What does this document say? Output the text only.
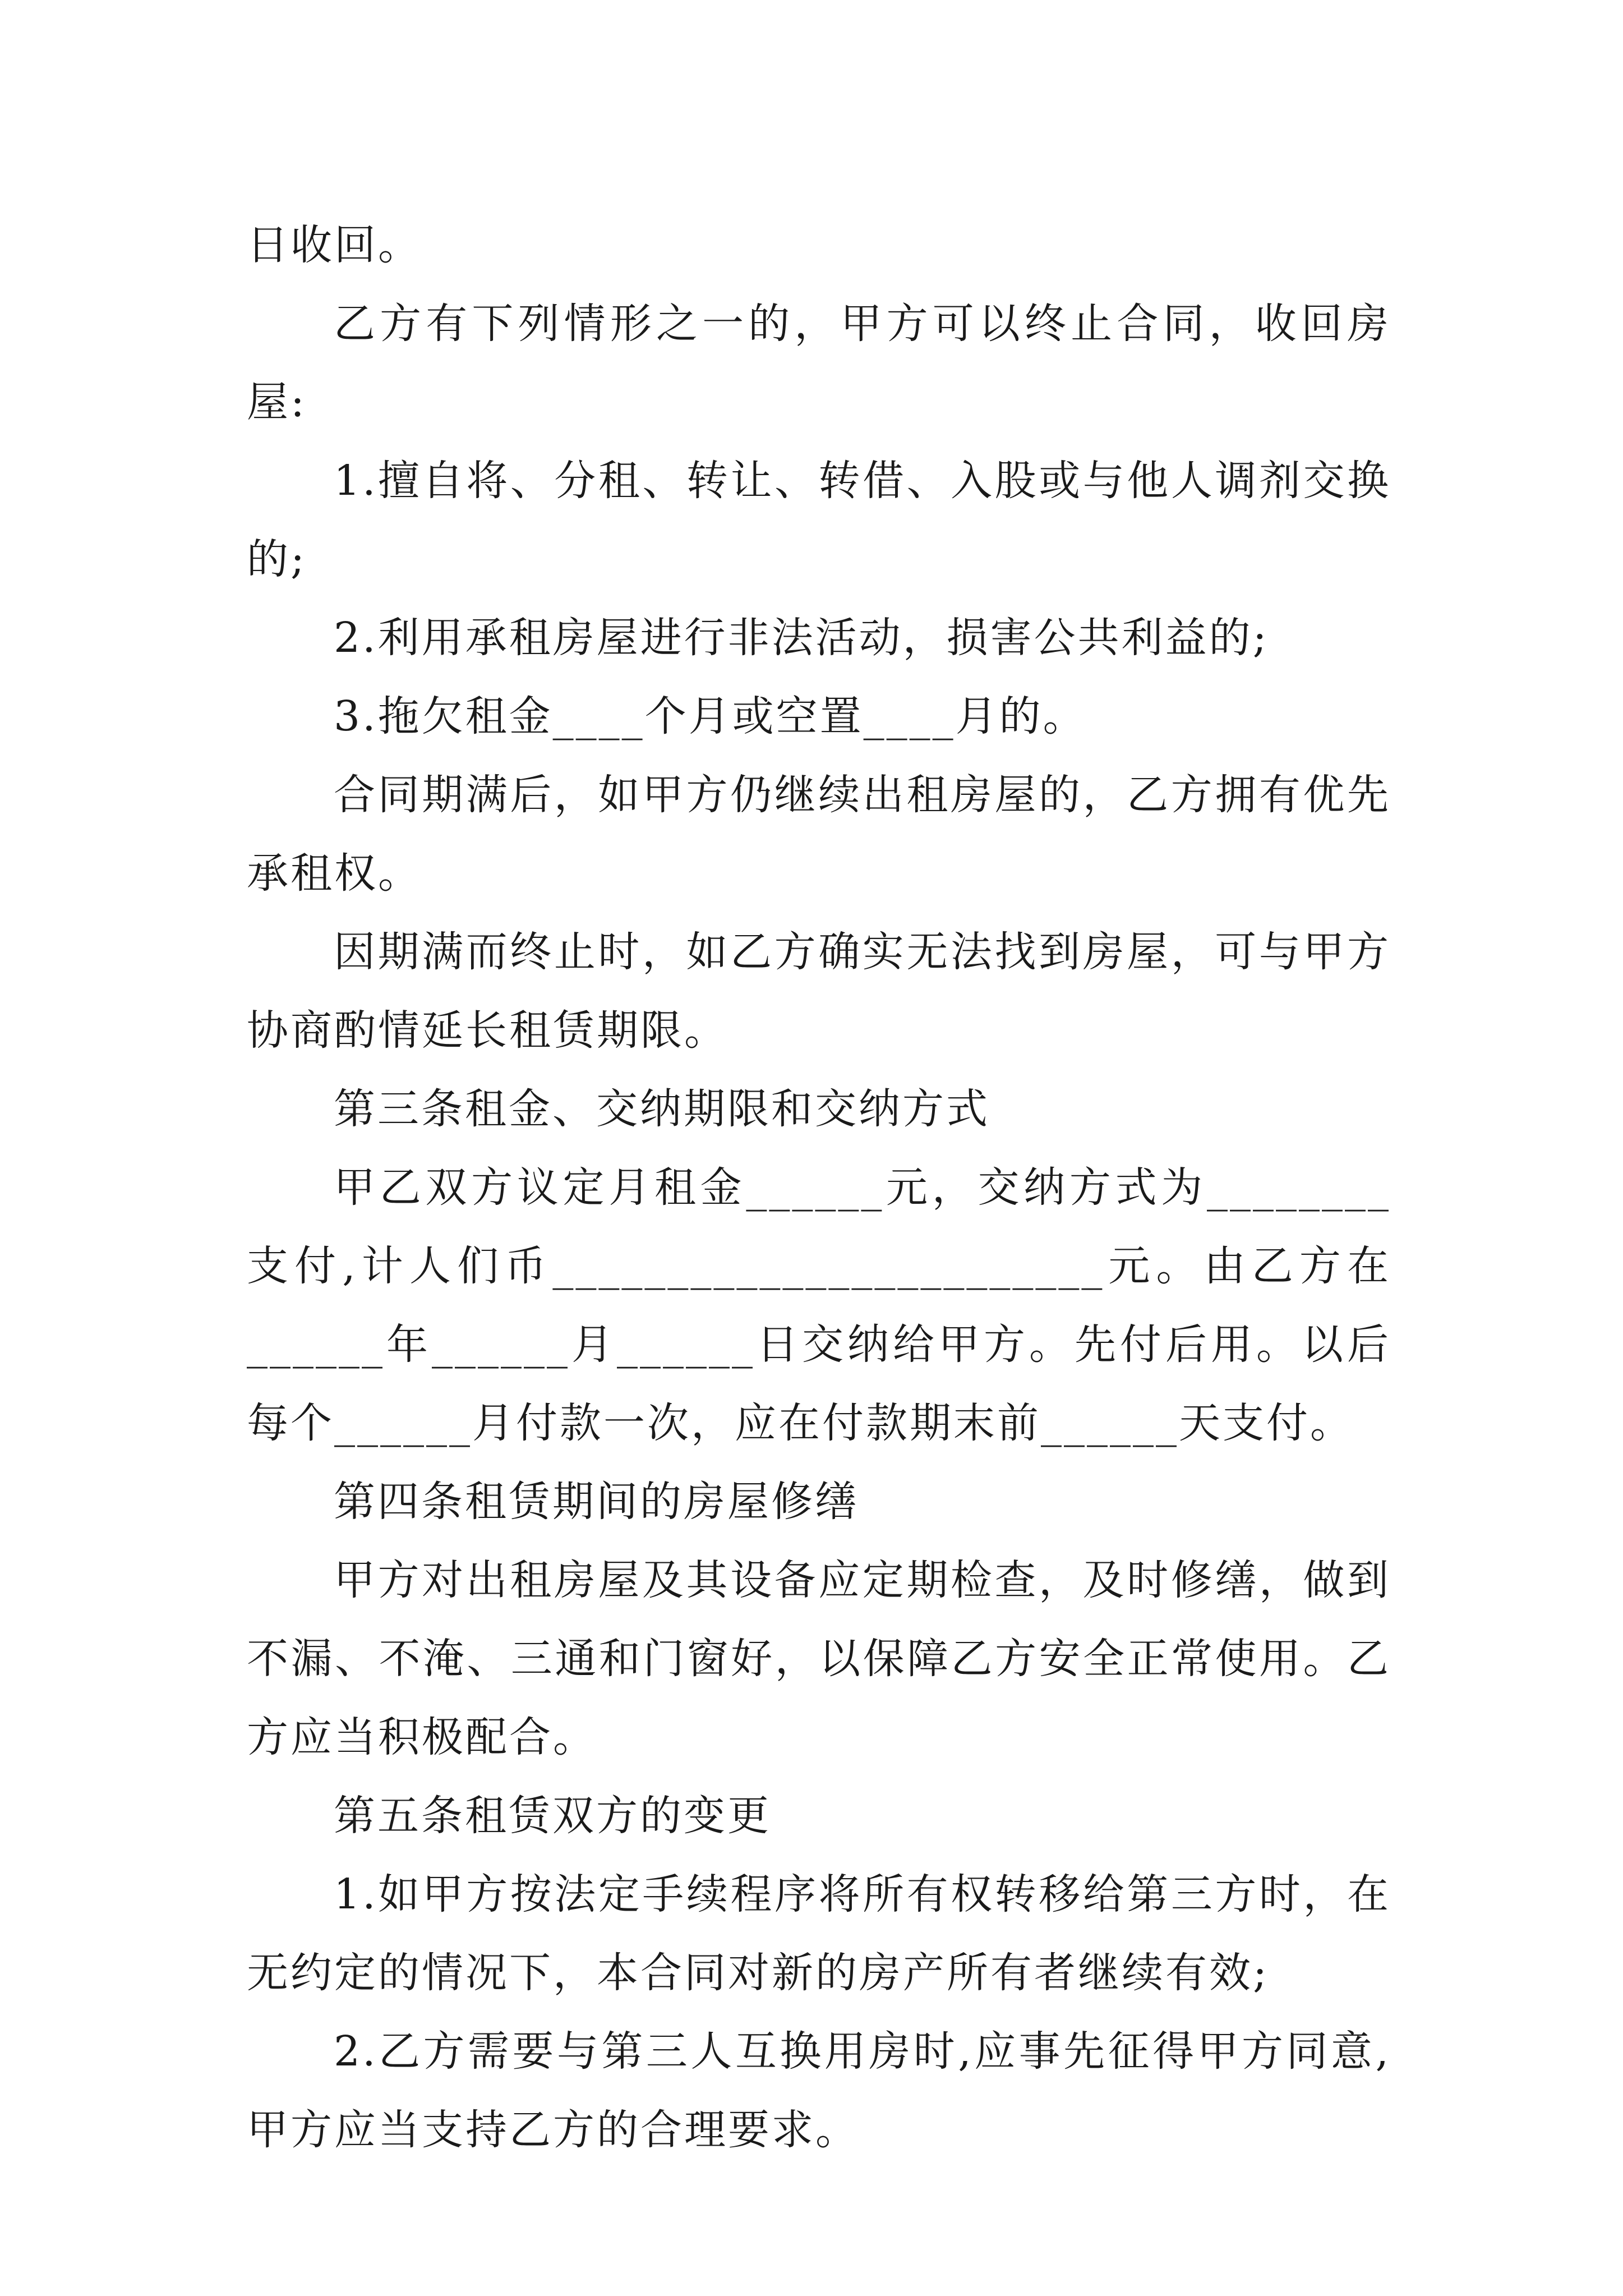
日收回。

乙方有下列情形之一的，甲方可以终止合同，收回房屋:

1.擅自将、分租、转让、转借、入股或与他人调剂交换的;

2.利用承租房屋进行非法活动，损害公共利益的;

3.拖欠租金____个月或空置____月的。

合同期满后，如甲方仍继续出租房屋的，乙方拥有优先承租权。

因期满而终止时，如乙方确实无法找到房屋，可与甲方协商酌情延长租赁期限。

第三条租金、交纳期限和交纳方式

甲乙双方议定月租金______元，交纳方式为________支付,计人们币________________________元。由乙方在______年______月______日交纳给甲方。先付后用。以后每个______月付款一次，应在付款期末前______天支付。

第四条租赁期间的房屋修缮

甲方对出租房屋及其设备应定期检查，及时修缮，做到不漏、不淹、三通和门窗好，以保障乙方安全正常使用。乙方应当积极配合。

第五条租赁双方的变更

1.如甲方按法定手续程序将所有权转移给第三方时，在无约定的情况下，本合同对新的房产所有者继续有效;

2.乙方需要与第三人互换用房时,应事先征得甲方同意,甲方应当支持乙方的合理要求。
